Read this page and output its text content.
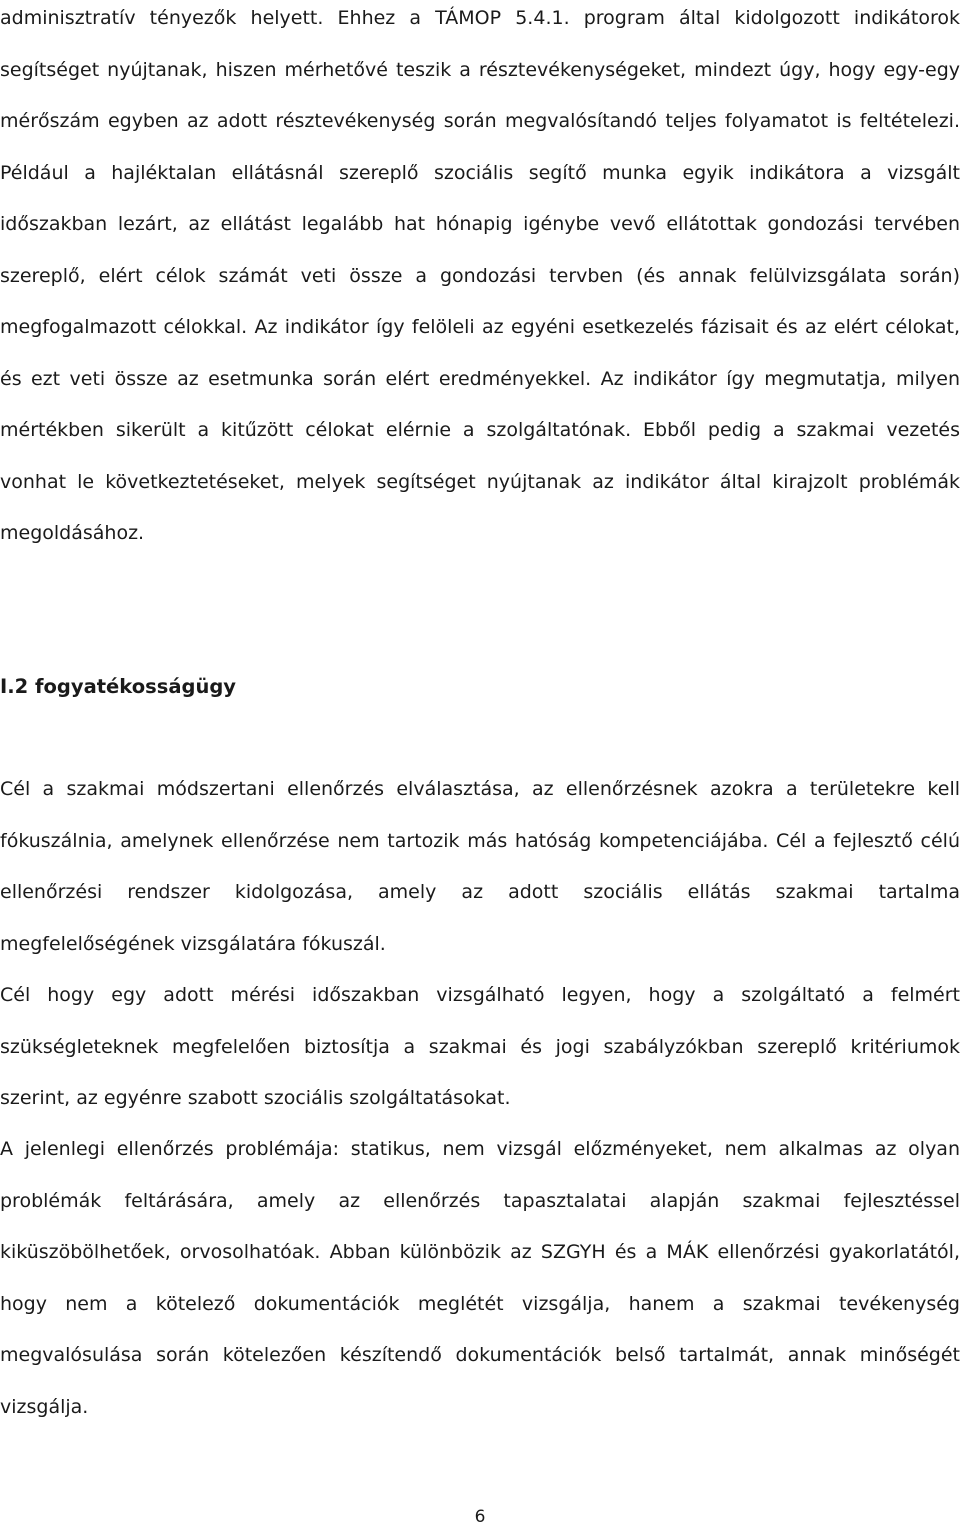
adminisztratív tényezők helyett. Ehhez a TÁMOP 5.4.1. program által kidolgozott indikátorok segítséget nyújtanak, hiszen mérhetővé teszik a résztevékenységeket, mindezt úgy, hogy egy-egy mérőszám egyben az adott résztevékenység során megvalósítandó teljes folyamatot is feltételezi. Például a hajléktalan ellátásnál szereplő szociális segítő munka egyik indikátora a vizsgált időszakban lezárt, az ellátást legalább hat hónapig igénybe vevő ellátottak gondozási tervében szereplő, elért célok számát veti össze a gondozási tervben (és annak felülvizsgálata során) megfogalmazott célokkal. Az indikátor így felöleli az egyéni esetkezelés fázisait és az elért célokat, és ezt veti össze az esetmunka során elért eredményekkel. Az indikátor így megmutatja, milyen mértékben sikerült a kitűzött célokat elérnie a szolgáltatónak. Ebből pedig a szakmai vezetés vonhat le következtetéseket, melyek segítséget nyújtanak az indikátor által kirajzolt problémák megoldásához.

I.2 fogyatékosságügy

Cél a szakmai módszertani ellenőrzés elválasztása, az ellenőrzésnek azokra a területekre kell fókuszálnia, amelynek ellenőrzése nem tartozik más hatóság kompetenciájába. Cél a fejlesztő célú ellenőrzési rendszer kidolgozása, amely az adott szociális ellátás szakmai tartalma megfelelőségének vizsgálatára fókuszál.

Cél hogy egy adott mérési időszakban vizsgálható legyen, hogy a szolgáltató a felmért szükségleteknek megfelelően biztosítja a szakmai és jogi szabályzókban szereplő kritériumok szerint, az egyénre szabott szociális szolgáltatásokat.

A jelenlegi ellenőrzés problémája: statikus, nem vizsgál előzményeket, nem alkalmas az olyan problémák feltárására, amely az ellenőrzés tapasztalatai alapján szakmai fejlesztéssel kiküszöbölhetőek, orvosolhatóak. Abban különbözik az SZGYH és a MÁK ellenőrzési gyakorlatától, hogy nem a kötelező dokumentációk meglétét vizsgálja, hanem a szakmai tevékenység megvalósulása során kötelezően készítendő dokumentációk belső tartalmát, annak minőségét vizsgálja.

6
